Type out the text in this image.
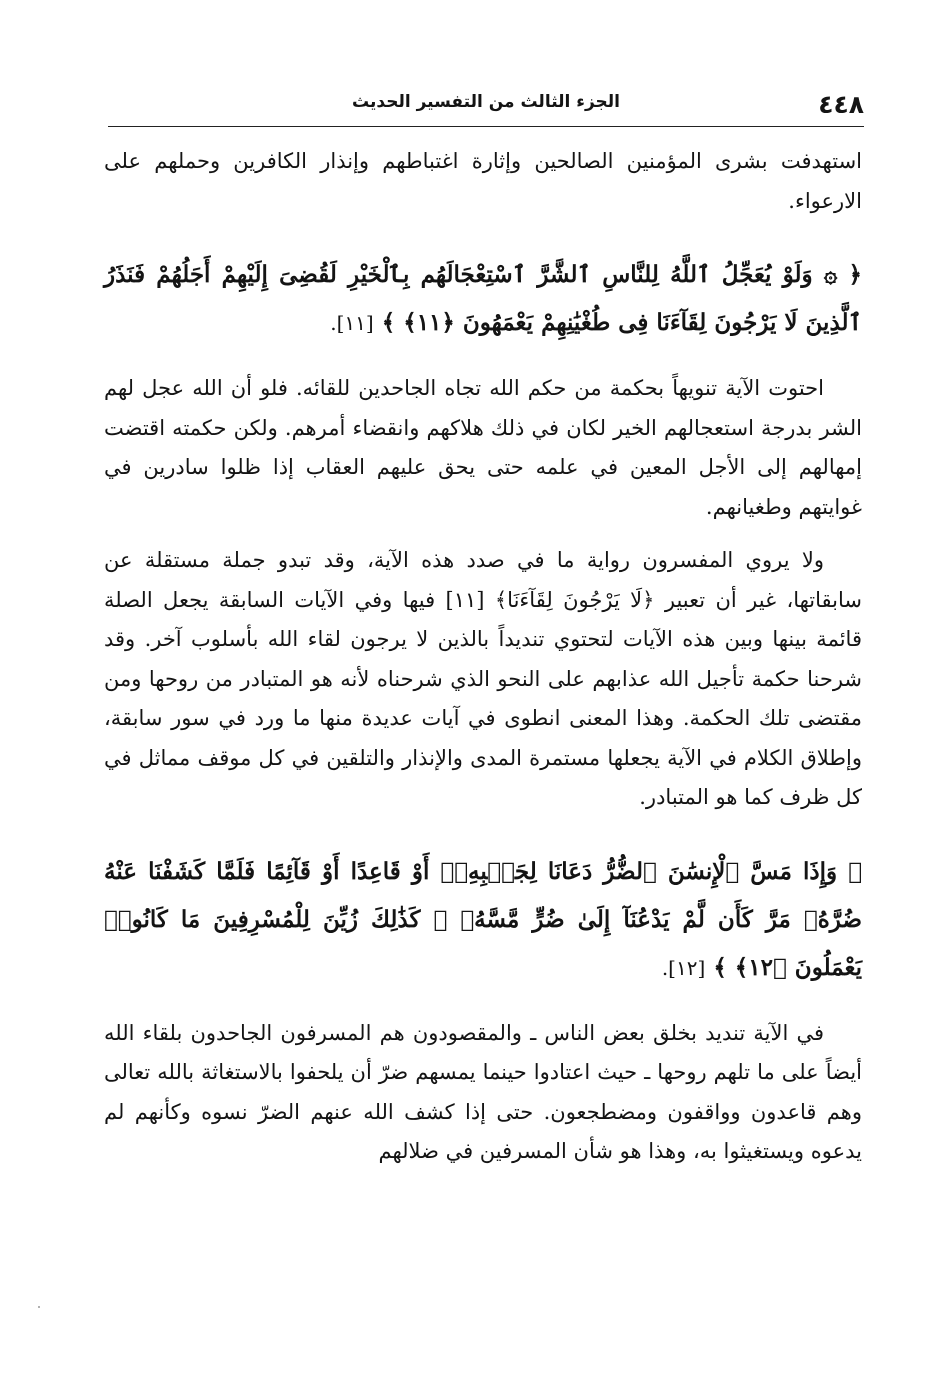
٤٤٨
الجزء الثالث من التفسير الحديث

استهدفت بشرى المؤمنين الصالحين وإثارة اغتباطهم وإنذار الكافرين وحملهم على الارعواء.

﴿ ۞ وَلَوْ يُعَجِّلُ ٱللَّهُ لِلنَّاسِ ٱلشَّرَّ ٱسْتِعْجَالَهُم بِٱلْخَيْرِ لَقُضِىَ إِلَيْهِمْ أَجَلُهُمْ فَنَذَرُ ٱلَّذِينَ لَا يَرْجُونَ لِقَآءَنَا فِى طُغْيَٰنِهِمْ يَعْمَهُونَ ﴿١١﴾ ﴾ [١١].

احتوت الآية تنويهاً بحكمة من حكم الله تجاه الجاحدين للقائه. فلو أن الله عجل لهم الشر بدرجة استعجالهم الخير لكان في ذلك هلاكهم وانقضاء أمرهم. ولكن حكمته اقتضت إمهالهم إلى الأجل المعين في علمه حتى يحق عليهم العقاب إذا ظلوا سادرين في غوايتهم وطغيانهم.

ولا يروي المفسرون رواية ما في صدد هذه الآية، وقد تبدو جملة مستقلة عن سابقاتها، غير أن تعبير ﴿لَا يَرْجُونَ لِقَآءَنَا﴾ [١١] فيها وفي الآيات السابقة يجعل الصلة قائمة بينها وبين هذه الآيات لتحتوي تنديداً بالذين لا يرجون لقاء الله بأسلوب آخر. وقد شرحنا حكمة تأجيل الله عذابهم على النحو الذي شرحناه لأنه هو المتبادر من روحها ومن مقتضى تلك الحكمة. وهذا المعنى انطوى في آيات عديدة منها ما ورد في سور سابقة، وإطلاق الكلام في الآية يجعلها مستمرة المدى والإنذار والتلقين في كل موقف مماثل في كل ظرف كما هو المتبادر.

﴿ وَإِذَا مَسَّ ٱلْإِنسَٰنَ ٱلضُّرُّ دَعَانَا لِجَنۢبِهِۦٓ أَوْ قَاعِدًا أَوْ قَآئِمًا فَلَمَّا كَشَفْنَا عَنْهُ ضُرَّهُۥ مَرَّ كَأَن لَّمْ يَدْعُنَآ إِلَىٰ ضُرٍّ مَّسَّهُۥ ۚ كَذَٰلِكَ زُيِّنَ لِلْمُسْرِفِينَ مَا كَانُوا۟ يَعْمَلُونَ ﴿١٢﴾ ﴾ [١٢].

في الآية تنديد بخلق بعض الناس ـ والمقصودون هم المسرفون الجاحدون بلقاء الله أيضاً على ما تلهم روحها ـ حيث اعتادوا حينما يمسهم ضرّ أن يلحفوا بالاستغاثة بالله تعالى وهم قاعدون وواقفون ومضطجعون. حتى إذا كشف الله عنهم الضرّ نسوه وكأنهم لم يدعوه ويستغيثوا به، وهذا هو شأن المسرفين في ضلالهم
